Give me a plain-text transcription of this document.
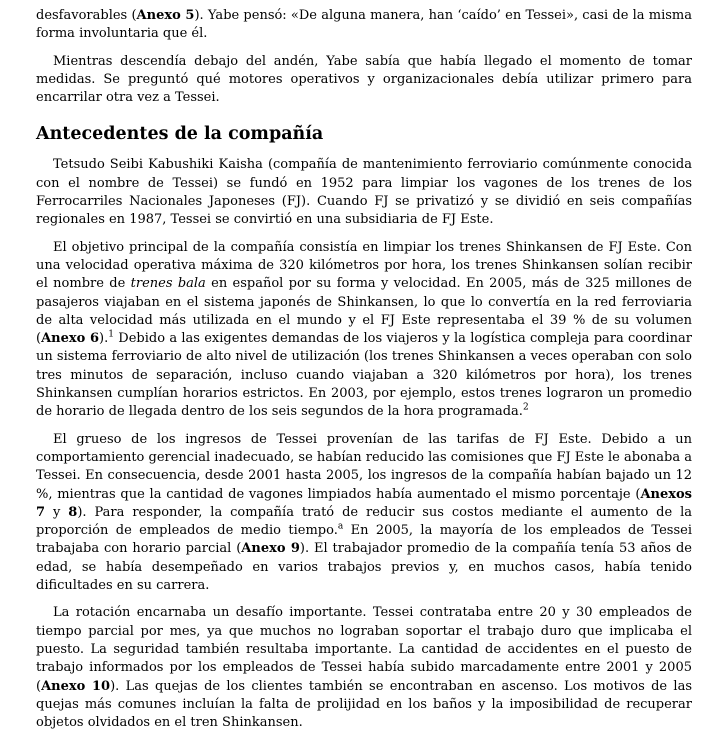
desfavorables (Anexo 5). Yabe pensó: «De alguna manera, han ‘caído’ en Tessei», casi de la misma forma involuntaria que él.

Mientras descendía debajo del andén, Yabe sabía que había llegado el momento de tomar medidas. Se preguntó qué motores operativos y organizacionales debía utilizar primero para encarrilar otra vez a Tessei.

Antecedentes de la compañía

Tetsudo Seibi Kabushiki Kaisha (compañía de mantenimiento ferroviario comúnmente conocida con el nombre de Tessei) se fundó en 1952 para limpiar los vagones de los trenes de los Ferrocarriles Nacionales Japoneses (FJ). Cuando FJ se privatizó y se dividió en seis compañías regionales en 1987, Tessei se convirtió en una subsidiaria de FJ Este.

El objetivo principal de la compañía consistía en limpiar los trenes Shinkansen de FJ Este. Con una velocidad operativa máxima de 320 kilómetros por hora, los trenes Shinkansen solían recibir el nombre de trenes bala en español por su forma y velocidad. En 2005, más de 325 millones de pasajeros viajaban en el sistema japonés de Shinkansen, lo que lo convertía en la red ferroviaria de alta velocidad más utilizada en el mundo y el FJ Este representaba el 39 % de su volumen (Anexo 6).$^1$ Debido a las exigentes demandas de los viajeros y la logística compleja para coordinar un sistema ferroviario de alto nivel de utilización (los trenes Shinkansen a veces operaban con solo tres minutos de separación, incluso cuando viajaban a 320 kilómetros por hora), los trenes Shinkansen cumplían horarios estrictos. En 2003, por ejemplo, estos trenes lograron un promedio de horario de llegada dentro de los seis segundos de la hora programada.$^2$

El grueso de los ingresos de Tessei provenían de las tarifas de FJ Este. Debido a un comportamiento gerencial inadecuado, se habían reducido las comisiones que FJ Este le abonaba a Tessei. En consecuencia, desde 2001 hasta 2005, los ingresos de la compañía habían bajado un 12 %, mientras que la cantidad de vagones limpiados había aumentado el mismo porcentaje (Anexos 7 y 8). Para responder, la compañía trató de reducir sus costos mediante el aumento de la proporción de empleados de medio tiempo.$^a$ En 2005, la mayoría de los empleados de Tessei trabajaba con horario parcial (Anexo 9). El trabajador promedio de la compañía tenía 53 años de edad, se había desempeñado en varios trabajos previos y, en muchos casos, había tenido dificultades en su carrera.

La rotación encarnaba un desafío importante. Tessei contrataba entre 20 y 30 empleados de tiempo parcial por mes, ya que muchos no lograban soportar el trabajo duro que implicaba el puesto. La seguridad también resultaba importante. La cantidad de accidentes en el puesto de trabajo informados por los empleados de Tessei había subido marcadamente entre 2001 y 2005 (Anexo 10). Las quejas de los clientes también se encontraban en ascenso. Los motivos de las quejas más comunes incluían la falta de prolijidad en los baños y la imposibilidad de recuperar objetos olvidados en el tren Shinkansen.
